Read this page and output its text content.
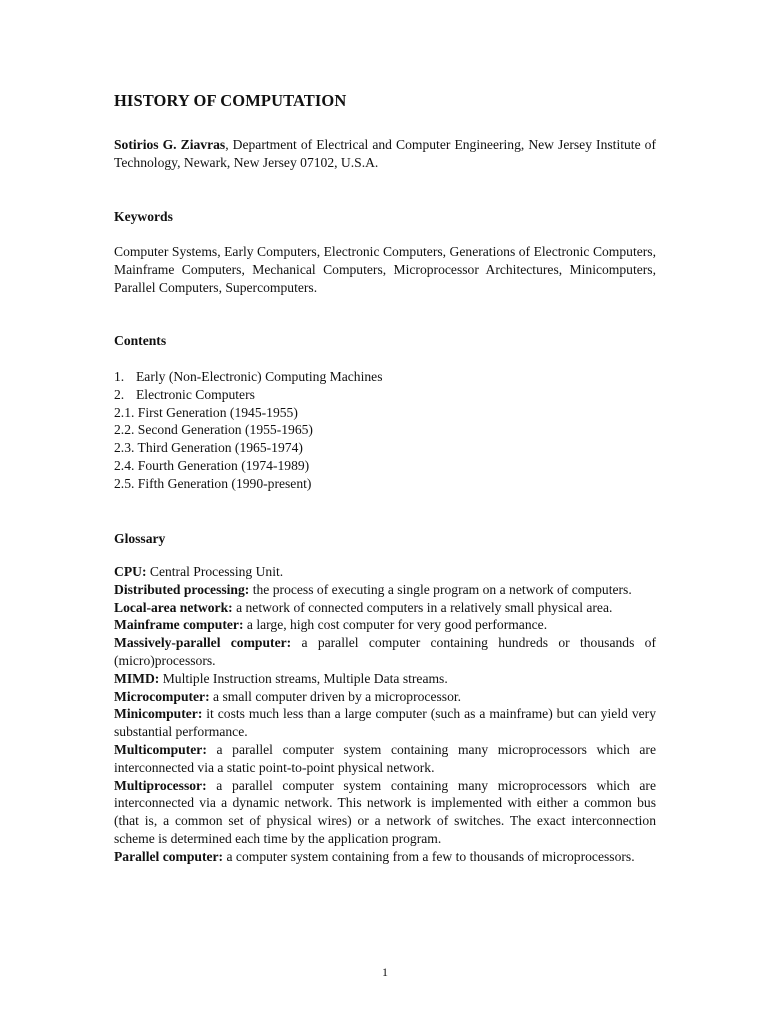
HISTORY OF COMPUTATION

Sotirios G. Ziavras, Department of Electrical and Computer Engineering, New Jersey Institute of Technology, Newark, New Jersey 07102, U.S.A.

Keywords

Computer Systems, Early Computers, Electronic Computers, Generations of Electronic Computers, Mainframe Computers, Mechanical Computers, Microprocessor Architectures, Minicomputers, Parallel Computers, Supercomputers.

Contents

1. Early (Non-Electronic) Computing Machines
2. Electronic Computers
2.1. First Generation (1945-1955)
2.2. Second Generation (1955-1965)
2.3. Third Generation (1965-1974)
2.4. Fourth Generation (1974-1989)
2.5. Fifth Generation (1990-present)

Glossary

CPU: Central Processing Unit.

Distributed processing: the process of executing a single program on a network of computers.

Local-area network: a network of connected computers in a relatively small physical area.

Mainframe computer: a large, high cost computer for very good performance.

Massively-parallel computer: a parallel computer containing hundreds or thousands of (micro)processors.

MIMD: Multiple Instruction streams, Multiple Data streams.

Microcomputer: a small computer driven by a microprocessor.

Minicomputer: it costs much less than a large computer (such as a mainframe) but can yield very substantial performance.

Multicomputer: a parallel computer system containing many microprocessors which are interconnected via a static point-to-point physical network.

Multiprocessor: a parallel computer system containing many microprocessors which are interconnected via a dynamic network. This network is implemented with either a common bus (that is, a common set of physical wires) or a network of switches. The exact interconnection scheme is determined each time by the application program.

Parallel computer: a computer system containing from a few to thousands of microprocessors.

1
